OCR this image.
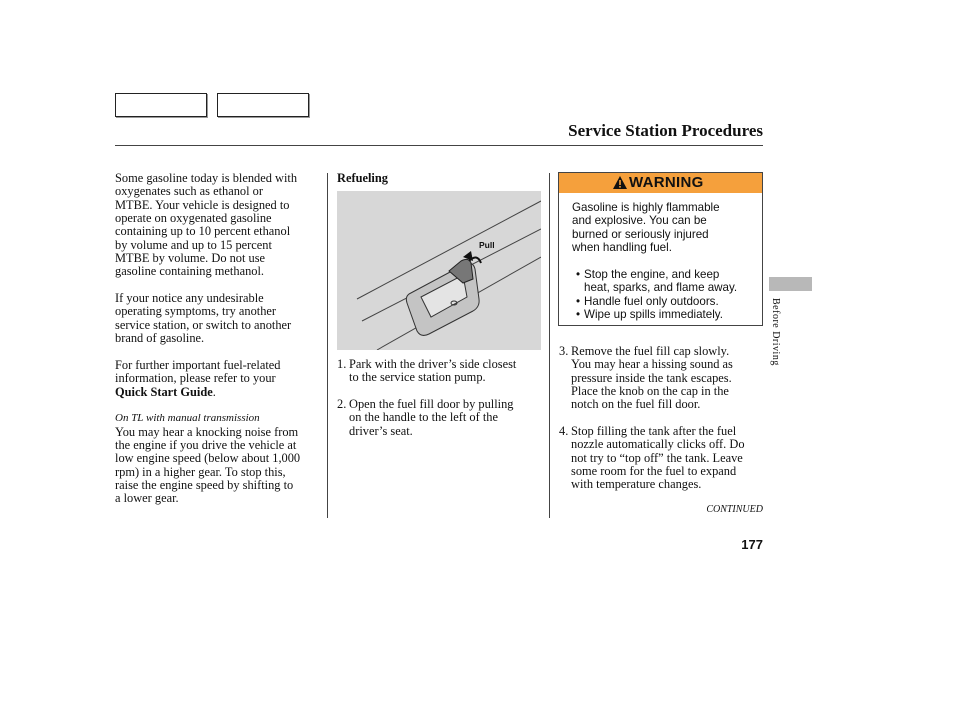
Service Station Procedures

Some gasoline today is blended with
oxygenates such as ethanol or
MTBE. Your vehicle is designed to
operate on oxygenated gasoline
containing up to 10 percent ethanol
by volume and up to 15 percent
MTBE by volume. Do not use
gasoline containing methanol.

If your notice any undesirable
operating symptoms, try another
service station, or switch to another
brand of gasoline.

For further important fuel-related
information, please refer to your
Quick Start Guide.

On TL with manual transmission

You may hear a knocking noise from
the engine if you drive the vehicle at
low engine speed (below about 1,000
rpm) in a higher gear. To stop this,
raise the engine speed by shifting to
a lower gear.

Refueling
Pull
1. Park with the driver’s side closest
to the service station pump.
2. Open the fuel fill door by pulling
on the handle to the left of the
driver’s seat.
WARNING

Gasoline is highly flammable
and explosive. You can be
burned or seriously injured
when handling fuel.

• Stop the engine, and keep
heat, sparks, and flame away.
• Handle fuel only outdoors.
• Wipe up spills immediately.
3. Remove the fuel fill cap slowly.
You may hear a hissing sound as
pressure inside the tank escapes.
Place the knob on the cap in the
notch on the fuel fill door.
4. Stop filling the tank after the fuel
nozzle automatically clicks off. Do
not try to “top off” the tank. Leave
some room for the fuel to expand
with temperature changes.
CONTINUED
177
Before Driving
